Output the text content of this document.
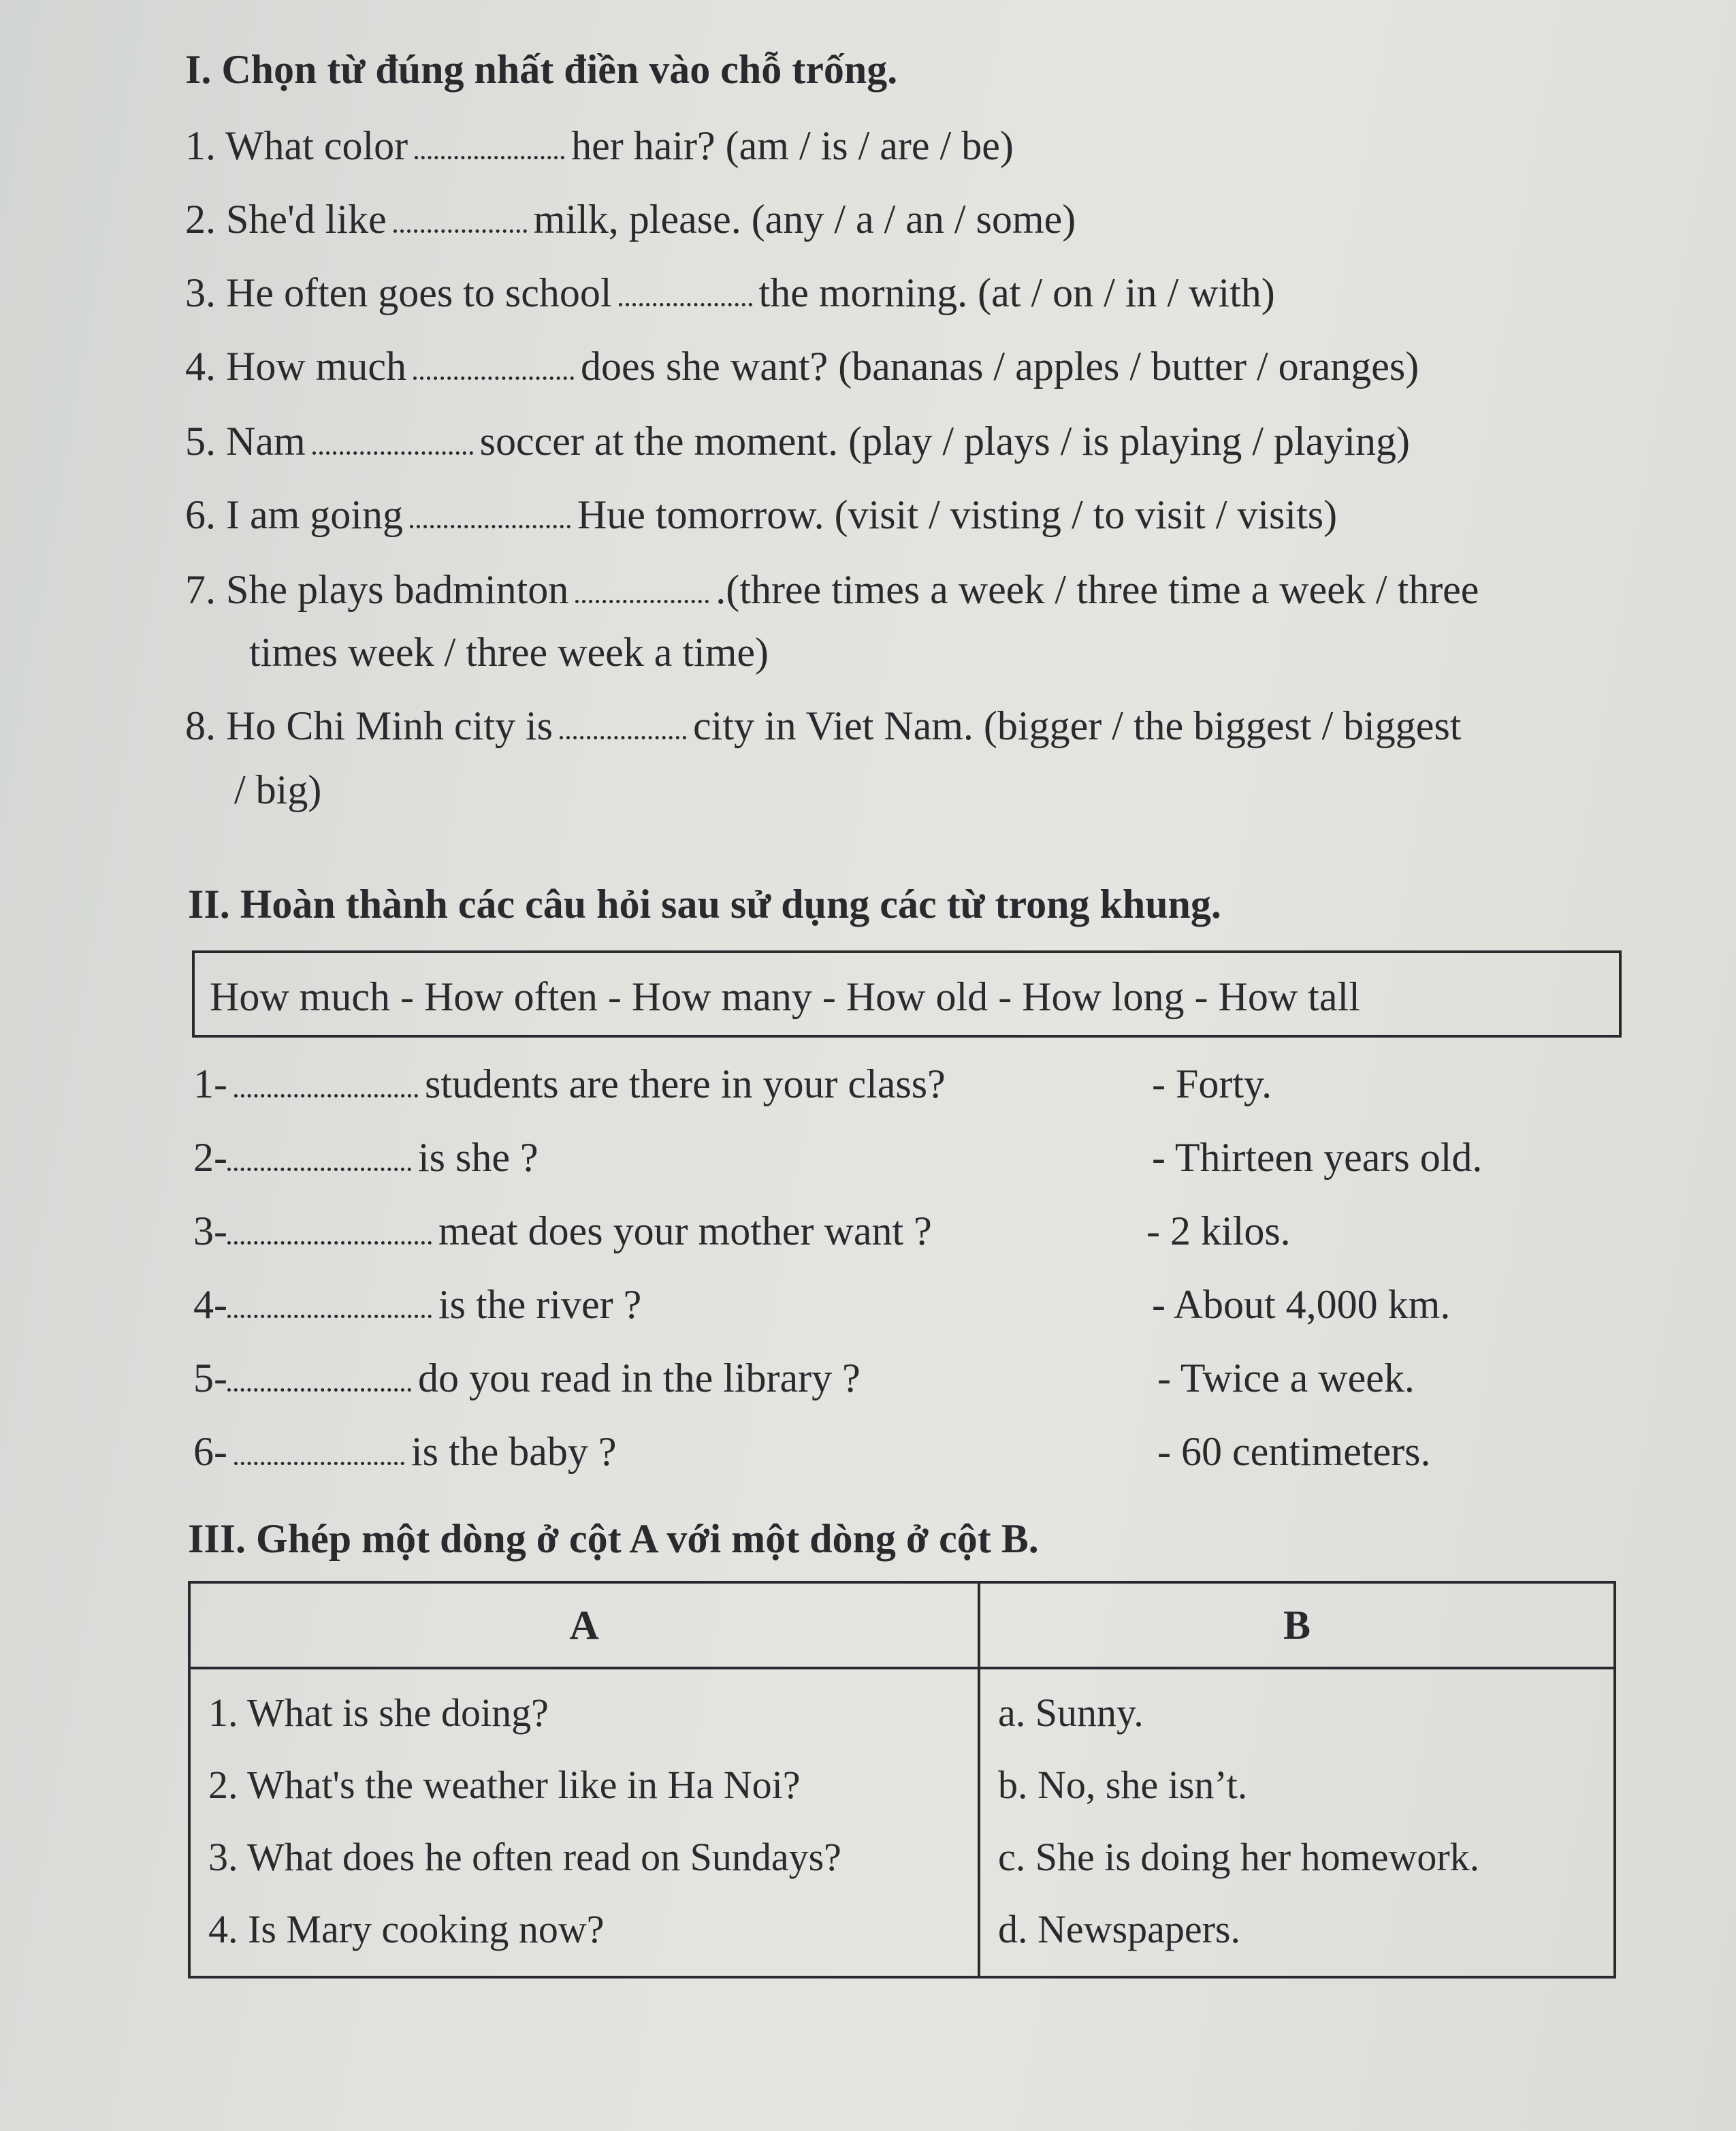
I. Chọn từ đúng nhất điền vào chỗ trống.
1. What color	her hair? (am / is / are / be)
2. She'd like	milk, please. (any / a / an / some)
3. He often goes to school	the morning. (at / on / in / with)
4. How much	does she want? (bananas / apples / butter / oranges)
5. Nam	soccer at the moment. (play / plays / is playing / playing)
6. I am going	Hue tomorrow. (visit / visting / to visit / visits)
7. She plays badminton	.(three times a week / three time a week / three
times week / three week a time)
8. Ho Chi Minh city is	city in Viet Nam. (bigger / the biggest / biggest
/ big)
II. Hoàn thành các câu hỏi sau sử dụng các từ trong khung.
How much - How often - How many - How old - How long - How tall
1-	students are there in your class?	- Forty.
2-	is she ?	- Thirteen years old.
3-	meat does your mother want ?	- 2 kilos.
4-	is the river ?	- About 4,000 km.
5-	do you read in the library ?	- Twice a week.
6-	is the baby ?	- 60 centimeters.
III. Ghép một dòng ở cột A với một dòng ở cột B.
A	B
1. What is she doing?	a. Sunny.
2. What's the weather like in Ha Noi?	b. No, she isn’t.
3. What does he often read on Sundays?	c. She is doing her homework.
4. Is Mary cooking now?	d. Newspapers.
